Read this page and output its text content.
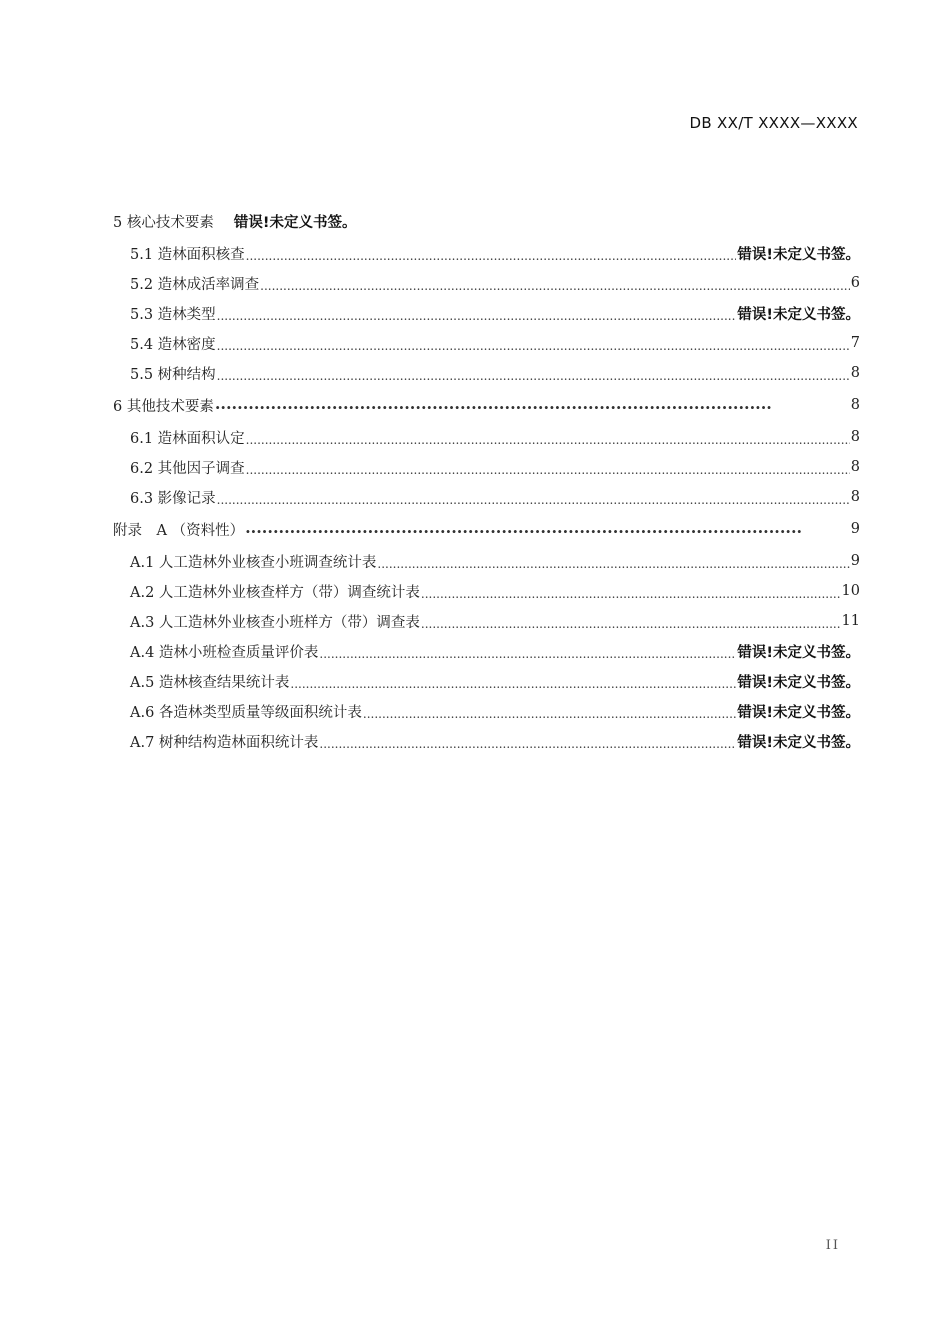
DB XX/T XXXX—XXXX
5 核心技术要素 错误!未定义书签。
5.1 造林面积核查 .....	错误!未定义书签。
5.2 造林成活率调查 .....	6
5.3 造林类型 .....	错误!未定义书签。
5.4 造林密度 .....	7
5.5 树种结构 .....	8
6 其他技术要素 ·····	8
6.1 造林面积认定 .....	8
6.2 其他因子调查 .....	8
6.3 影像记录 .....	8
附录　A （资料性） ·····	9
A.1 人工造林外业核查小班调查统计表 .....	9
A.2 人工造林外业核查样方（带）调查统计表 .....	10
A.3 人工造林外业核查小班样方（带）调查表 .....	11
A.4 造林小班检查质量评价表 .....	错误!未定义书签。
A.5 造林核查结果统计表 .....	错误!未定义书签。
A.6 各造林类型质量等级面积统计表 .....	错误!未定义书签。
A.7 树种结构造林面积统计表 .....	错误!未定义书签。
II
